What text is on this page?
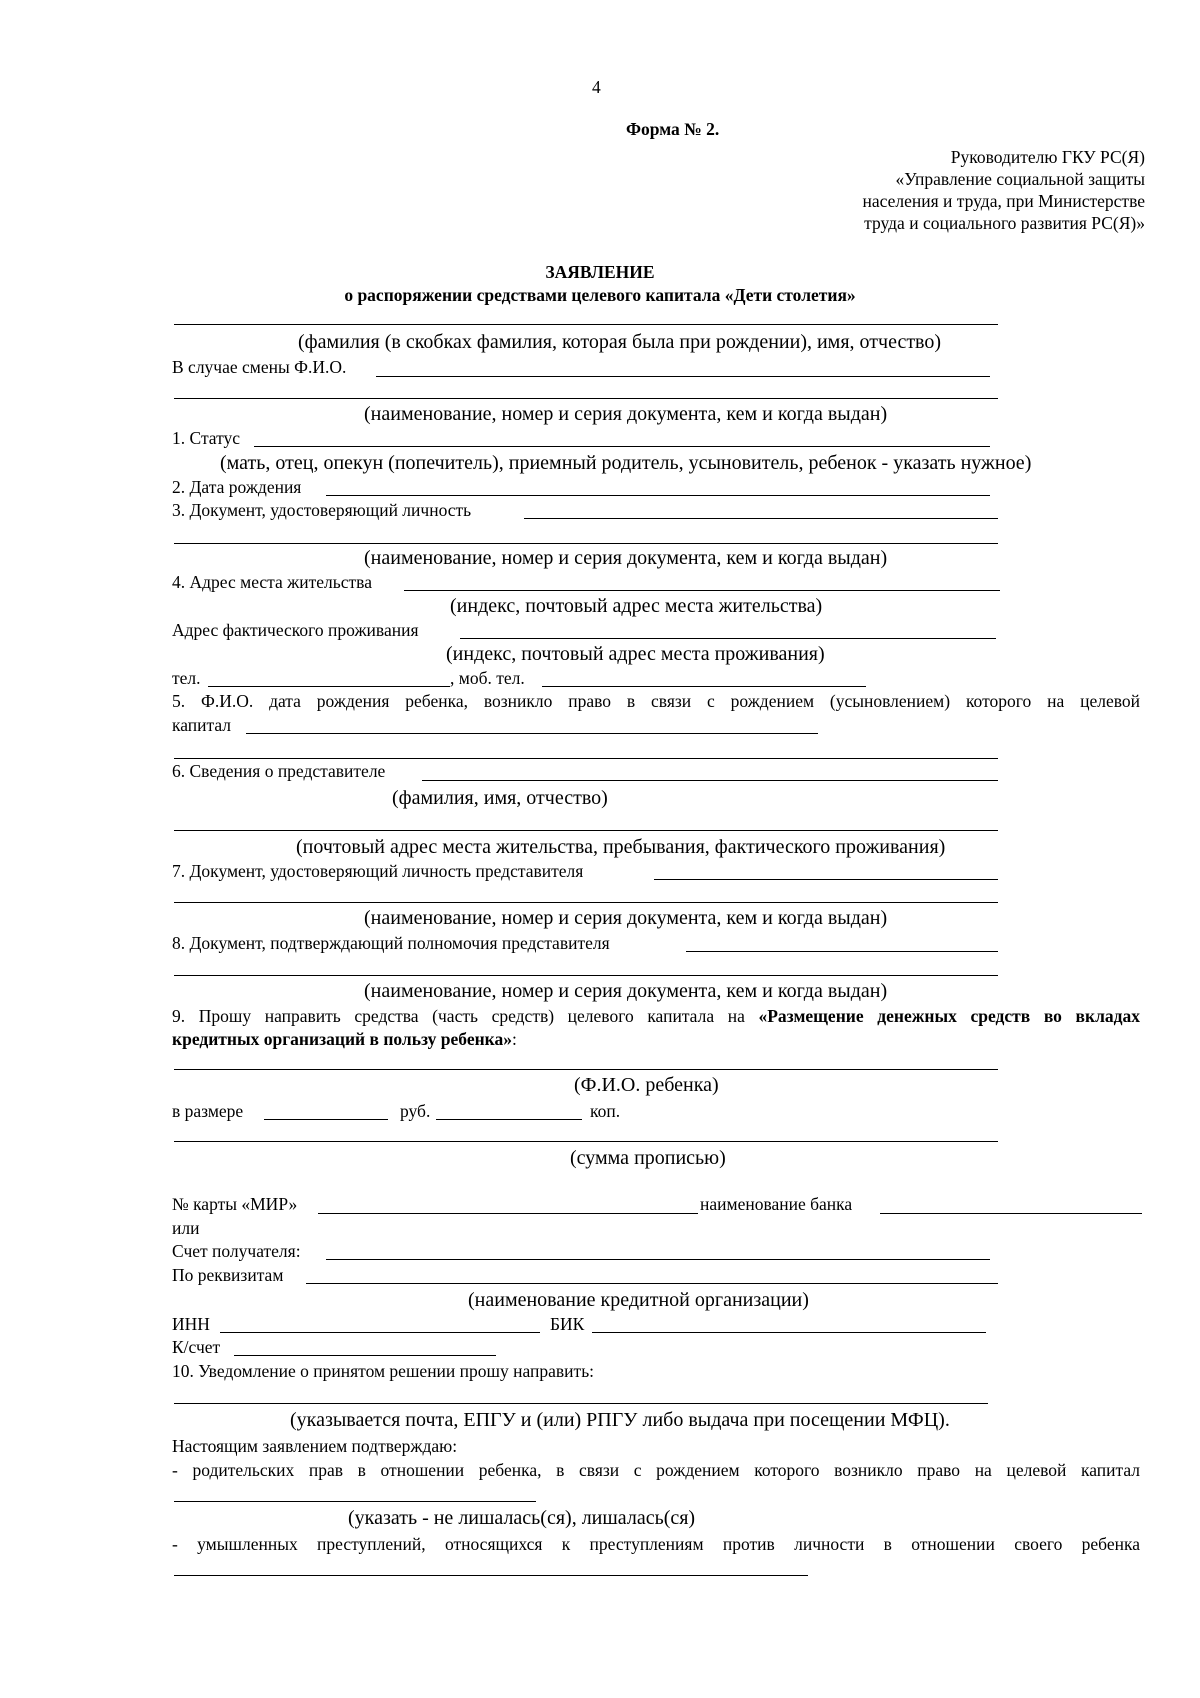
4
Форма № 2.
Руководителю ГКУ РС(Я)
«Управление социальной защиты
населения и труда, при Министерстве
труда и социального развития РС(Я)»
ЗАЯВЛЕНИЕ
о распоряжении средствами целевого капитала «Дети столетия»
(фамилия (в скобках фамилия, которая была при рождении), имя, отчество)
В случае смены Ф.И.О.
(наименование, номер и серия документа, кем и когда выдан)
1. Статус
(мать, отец, опекун (попечитель), приемный родитель, усыновитель, ребенок - указать нужное)
2. Дата рождения
3. Документ, удостоверяющий личность
(наименование, номер и серия документа, кем и когда выдан)
4. Адрес места жительства
(индекс, почтовый адрес места жительства)
Адрес фактического проживания
(индекс, почтовый адрес места проживания)
тел.	, моб. тел.
5. Ф.И.О. дата рождения ребенка, возникло право в связи с рождением (усыновлением) которого на целевой
капитал
6. Сведения о представителе
(фамилия, имя, отчество)
(почтовый адрес места жительства, пребывания, фактического проживания)
7. Документ, удостоверяющий личность представителя
(наименование, номер и серия документа, кем и когда выдан)
8. Документ, подтверждающий полномочия представителя
(наименование, номер и серия документа, кем и когда выдан)
9. Прошу направить средства (часть средств) целевого капитала на «Размещение денежных средств во вкладах
кредитных организаций в пользу ребенка»:
(Ф.И.О. ребенка)
в размере	руб.	коп.
(сумма прописью)
№ карты «МИР»	наименование банка
или
Счет получателя:
По реквизитам
(наименование кредитной организации)
ИНН	БИК
К/счет
10. Уведомление о принятом решении прошу направить:
(указывается почта, ЕПГУ и (или) РПГУ либо выдача при посещении МФЦ).
Настоящим заявлением подтверждаю:
- родительских прав в отношении ребенка, в связи с рождением которого возникло право на целевой капитал
(указать - не лишалась(ся), лишалась(ся)
- умышленных преступлений, относящихся к преступлениям против личности в отношении своего ребенка
